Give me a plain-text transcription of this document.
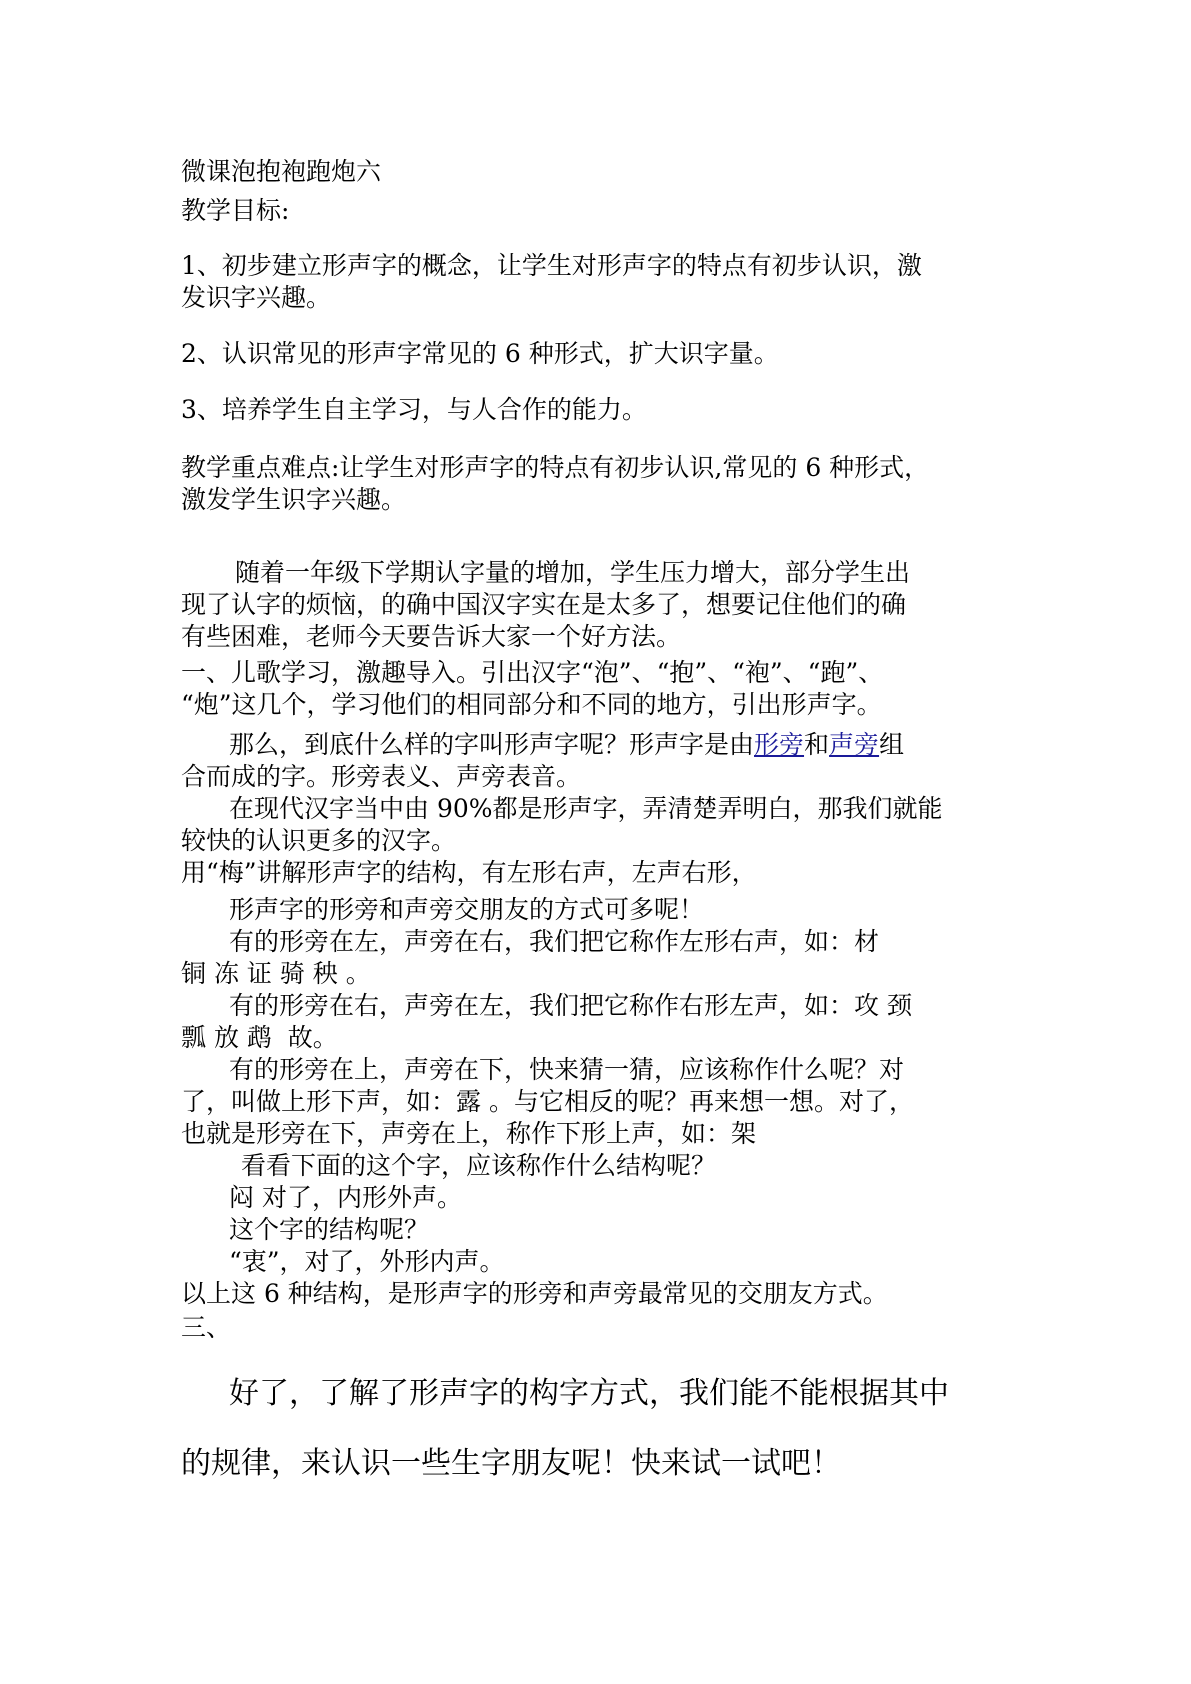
微课泡抱袍跑炮六
教学目标:
1、初步建立形声字的概念，让学生对形声字的特点有初步认识，激
发识字兴趣。
2、认识常见的形声字常见的 6 种形式，扩大识字量。
3、培养学生自主学习，与人合作的能力。
教学重点难点:让学生对形声字的特点有初步认识,常见的 6 种形式，
激发学生识字兴趣。
随着一年级下学期认字量的增加，学生压力增大，部分学生出
现了认字的烦恼，的确中国汉字实在是太多了，想要记住他们的确
有些困难，老师今天要告诉大家一个好方法。
一、儿歌学习，激趣导入。引出汉字“泡”、“抱”、“袍”、“跑”、
“炮”这几个，学习他们的相同部分和不同的地方，引出形声字。
那么，到底什么样的字叫形声字呢？形声字是由形旁和声旁组
合而成的字。形旁表义、声旁表音。
在现代汉字当中由 90%都是形声字，弄清楚弄明白，那我们就能
较快的认识更多的汉字。
用“梅”讲解形声字的结构，有左形右声，左声右形，
形声字的形旁和声旁交朋友的方式可多呢！
有的形旁在左，声旁在右，我们把它称作左形右声，如：材
铜 冻 证 骑 秧 。
有的形旁在右，声旁在左，我们把它称作右形左声，如：攻 颈
瓢 放 鹉  故。
有的形旁在上，声旁在下，快来猜一猜，应该称作什么呢？对
了，叫做上形下声，如：露 。与它相反的呢？再来想一想。对了，
也就是形旁在下，声旁在上，称作下形上声，如：架
看看下面的这个字，应该称作什么结构呢？
闷 对了，内形外声。
这个字的结构呢？
“衷”，对了，外形内声。
以上这 6 种结构，是形声字的形旁和声旁最常见的交朋友方式。
三、
好了，了解了形声字的构字方式，我们能不能根据其中
的规律，来认识一些生字朋友呢！快来试一试吧！
